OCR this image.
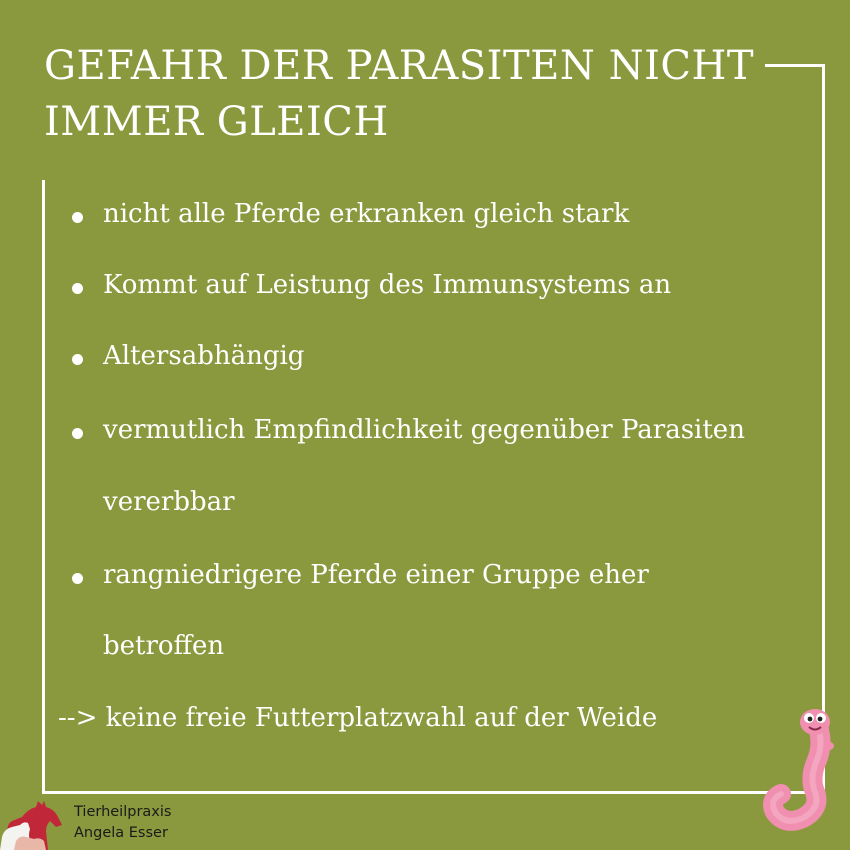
GEFAHR DER PARASITEN NICHT IMMER GLEICH
nicht alle Pferde erkranken gleich stark
Kommt auf Leistung des Immunsystems an
Altersabhängig
vermutlich Empfindlichkeit gegenüber Parasiten
vererbbar
rangniedrigere Pferde einer Gruppe eher
betroffen
--> keine freie Futterplatzwahl auf der Weide
Tierheilpraxis
Angela Esser
